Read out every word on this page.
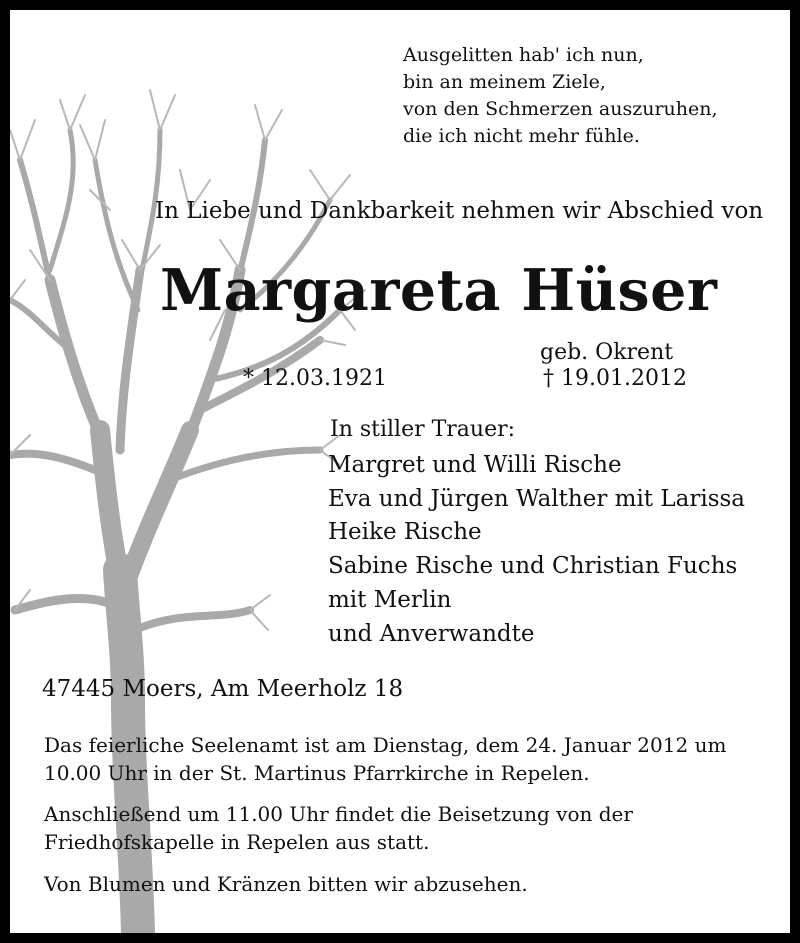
Ausgelitten hab' ich nun,
bin an meinem Ziele,
von den Schmerzen auszuruhen,
die ich nicht mehr fühle.
In Liebe und Dankbarkeit nehmen wir Abschied von
Margareta Hüser
geb. Okrent
* 12.03.1921	† 19.01.2012
In stiller Trauer:
Margret und Willi Rische
Eva und Jürgen Walther mit Larissa
Heike Rische
Sabine Rische und Christian Fuchs
mit Merlin
und Anverwandte
47445 Moers, Am Meerholz 18
Das feierliche Seelenamt ist am Dienstag, dem 24. Januar 2012 um
10.00 Uhr in der St. Martinus Pfarrkirche in Repelen.
Anschließend um 11.00 Uhr findet die Beisetzung von der
Friedhofskapelle in Repelen aus statt.
Von Blumen und Kränzen bitten wir abzusehen.
